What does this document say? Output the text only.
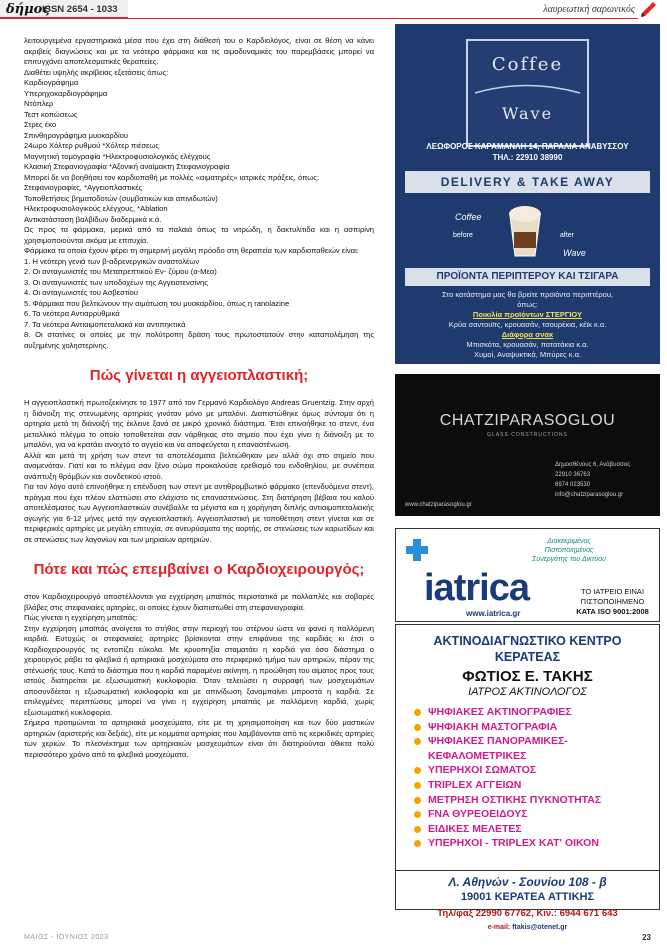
δήμος
ISSN 2654 - 1033	λαυρεωτική σαρωνικός
λειτουργεμένα εργαστηριακά μέσα που έχει στη διάθεσή του ο Καρδιολόγος, είναι σε θέση να κάνει ακριβείς διαγνώσεις και με τα νεότερα φάρμακα και τις αιμοδυναμικές του παρεμβάσεις μπορεί να επιτυγχάνει αποτελεσματικές θεραπείες.
Διαθέτει υψηλής ακρίβειας εξετάσεις όπως:
Καρδιογράφημα
Υπερηχοκαρδιογράφημα
Ντόπλερ
Τεστ κοπώσεως
Στρες έκο
Σπινθηρογράφημα μυοκαρδίου
24ωρο Χόλτερ ρυθμού *Χόλτερ πιέσεως
Μαγνητική τομογραφία *Ηλεκτροφυσιολογικός ελέγχους
Κλασική Στεφανιογραφία *Αξονική αναίμακτη Στεφανιογραφία
Μπορεί δε να βοηθήσει τον καρδιοπαθή με πολλές «αιματηρές» ιατρικές πράξεις, όπως:
Στεφανιογραφίες, *Αγγειοπλαστικές
Τοποθετήσεις βηματοδοτών (συμβατικών και απινιδωτών)
Ηλεκτροφυσιολογικούς ελέγχους, *Ablation
Αντικατάσταση βαλβίδων διαδερμικά κ.ά.
Ως προς τα φάρμακα, μερικά από τα παλαιά όπως τα νιτρώδη, η δακτυλίτιδα και η ασπιρίνη χρησιμοποιούνται ακόμα με επιτυχία.
Φάρμακα τα οποία έχουν φέρει τη σημερινή μεγάλη πρόοδο στη θεραπεία των καρδιοπαθειών είναι:
1. Η νεότερη γενιά των β-αδρενεργικών αναστολέων
2. Οι ανταγωνιστές του Μετατρεπτικού Εν- ζύμου (α-Μεα)
3. Οι ανταγωνιστές των υποδοχέων της Αγγειοτενσίνης
4. Οι ανταγωνιστές του Ασβεστίου
5. Φάρμακα που βελτιώνουν την αιμάτωση του μυοκαρδίου, όπως η ranolazine
6. Τα νεότερα Αντιαρρυθμικά
7. Τα νεότερα Αντιαιμοπεταλιακά και αντιπηκτικά
8. Οι στατίνες οι οποίες με την πολύτροπη δράση τους πρωτοστατούν στην καταπολέμηση της αυξημένης χοληστερίνης.
Πώς γίνεται η αγγειοπλαστική;
Η αγγειοπλαστική πρωτοξεκίνησε το 1977 από τον Γερμανό Καρδιολόγο Andreas Gruentzig. Στην αρχή η διάνοιξη της στενωμένης αρτηρίας γινόταν μόνο με μπαλόνι. Διαπιστώθηκε όμως σύντομα ότι η αρτηρία μετά τη διάνοιξή της έκλεινε ξανά σε μικρό χρονικό διάστημα. Έτσι επινοήθηκε το στεντ, ένα μεταλλικό πλέγμα το οποίο τοποθετείται σαν νάρθηκας στο σημείο που έχει γίνει η διάνοιξη με το μπαλόνι, για να κρατάει ανοιχτό το αγγείο και να αποφεύγεται η επαναστένωση.
Αλλά και μετά τη χρήση των στεντ τα αποτελέσματα βελτιώθηκαν μεν αλλά όχι στο σημείο που αναμενόταν. Γιατί και το πλέγμα σαν ξένο σώμα προκαλούσε ερεθισμό του ενδοθηλίου, με συνέπεια ανάπτυξη θρόμβων και συνδετικού ιστού.
Για τον λόγο αυτό επινοήθηκε η επένδυση των στεντ με αντιθρομβωτικό φάρμακο (επενδυόμενα στεντ), πράγμα που έχει πλέον ελαττώσει στο ελάχιστο τις επαναστενώσεις. Στη διατήρηση βέβαια του καλού αποτελέσματος των Αγγειοπλαστικών συνέβαλλε τα μέγιστα και η χορήγηση διπλής αντιαιμοπεταλιακής αγωγής για 6-12 μήνες μετά την αγγειοπλαστική. Αγγειοπλαστική με τοποθέτηση στεντ γίνεται και σε περιφερικές αρτηρίες με μεγάλη επιτυχία, σε ανευρύσματα της αορτής, σε στενώσεις των καρωτίδων και σε στενώσεις των λαγονίων και των μηριαίων αρτηριών.
Πότε και πώς επεμβαίνει ο Καρδιοχειρουργός;
στον Καρδιοχειρουργό αποστέλλονται για εγχείρηση μπαϊπάς περιστατικά με πολλαπλές και σοβαρές βλάβες στις στεφανιαίες αρτηρίες, οι οποίες έχουν διαπιστωθεί στη στεφανιογραφία.
Πώς γίνεται η εγχείρηση μπαϊπάς:
Στην εγχείρηση μπαϊπάς ανοίγεται το στήθος στην περιοχή του στέρνου ώστε να φανεί η παλλόμενη καρδιά. Ευτυχώς οι στεφανιαίες αρτηρίες βρίσκονται στην επιφάνεια της καρδιάς κι έτσι ο Καρδιοχειρουργός τις εντοπίζει εύκολα. Με κρυοπηξία σταματάει η καρδιά για όσο διάστημα ο χειρουργός ράβει τα φλεβικά ή αρτηριακά μοσχεύματα στο περιφερικό τμήμα των αρτηριών, πέραν της στένωσής τους. Κατά το διάστημα που η καρδιά παραμένει ακίνητη, η προώθηση του αίματος προς τους ιστούς διατηρείται με εξωσωματική κυκλοφορία. Όταν τελειώσει η συρραφή των μοσχευμάτων αποσυνδέεται η εξωσωματική κυκλοφορία και με απινίδωση ξαναμπαίνει μπροστά η καρδιά. Σε επιλεγμένες περιπτώσεις μπορεί να γίνει η εγχείρηση μπαϊπάς με παλλόμενη καρδιά, χωρίς εξωσωματική κυκλοφορία.
Σήμερα προτιμώνται τα αρτηριακά μοσχεύματα, είτε με τη χρησιμοποίηση και των δύο μαστικών αρτηριών (αριστερής και δεξιάς), είτε με κομμάτια αρτηρίας που λαμβάνονται από τις κερκιδικές αρτηρίες των χεριών. Το πλεονέκτημα των αρτηριακών μοσχευμάτων είναι ότι διατηρούνται άθικτα πολύ περισσότερο χρόνο από τα φλεβικά μοσχεύματα.
Coffee
Wave
ΛΕΩΦΟΡΟΣ ΚΑΡΑΜΑΝΛΗ 14, ΠΑΡΑΛΙΑ ΑΝΑΒΥΣΣΟΥ
ΤΗΛ.: 22910 38990
DELIVERY & TAKE AWAY
Coffee
before	after
Wave
ΠΡΟΪΟΝΤΑ ΠΕΡΙΠΤΕΡΟΥ ΚΑΙ ΤΣΙΓΑΡΑ
Στο κατάστημα μας θα βρείτε προϊόντα περιπτέρου,
όπως:
Ποικιλία προϊόντων ΣΤΕΡΓΙΟΥ
Κρύα σαντουϊτς, κρουασάν, τσουρέκια, κέϊκ κ.α.
Διάφορα σνακ
Μπισκότα, κρουασάν, πατατάκια κ.α.
Χυμοί, Αναψυκτικά, Μπύρες κ.α.
CHATZIPARASOGLOU
GLASS CONSTRUCTIONS
Δημοσθένους 6, Ανάβυσσος
22910 36763
6974 023530
info@chatziparasoglou.gr
www.chatziparasoglou.gr
Διακεκριμένος
Πιστοποιημένος
Συνεργάτης του Δικτύου
iatrica
www.iatrica.gr
ΤΟ ΙΑΤΡΕΙΟ ΕΙΝΑΙ
ΠΙΣΤΟΠΟΙΗΜΕΝΟ
ΚΑΤΑ ISO 9001:2008
ΑΚΤΙΝΟΔΙΑΓΝΩΣΤΙΚΟ ΚΕΝΤΡΟ
ΚΕΡΑΤΕΑΣ
ΦΩΤΙΟΣ Ε. ΤΑΚΗΣ
ΙΑΤΡΟΣ ΑΚΤΙΝΟΛΟΓΟΣ
ΨΗΦΙΑΚΕΣ ΑΚΤΙΝΟΓΡΑΦΙΕΣ
ΨΗΦΙΑΚΗ ΜΑΣΤΟΓΡΑΦΙΑ
ΨΗΦΙΑΚΕΣ ΠΑΝΟΡΑΜΙΚΕΣ-
ΚΕΦΑΛΟΜΕΤΡΙΚΕΣ
ΥΠΕΡΗΧΟΙ ΣΩΜΑΤΟΣ
TRIPLEX ΑΓΓΕΙΩΝ
ΜΕΤΡΗΣΗ ΟΣΤΙΚΗΣ ΠΥΚΝΟΤΗΤΑΣ
FNA ΘΥΡΕΟΕΙΔΟΥΣ
ΕΙΔΙΚΕΣ ΜΕΛΕΤΕΣ
ΥΠΕΡΗΧΟΙ - TRIPLEX ΚΑΤ' ΟΙΚΟΝ
Λ. Αθηνών - Σουνίου 108 - β
19001 ΚΕΡΑΤΕΑ ΑΤΤΙΚΗΣ
Τηλ/φαξ 22990 67762, Κιν.: 6944 671 643
e-mail: ftakis@otenet.gr
ΜΑΙΟΣ - ΙΟΥΝΙΟΣ 2023	23
